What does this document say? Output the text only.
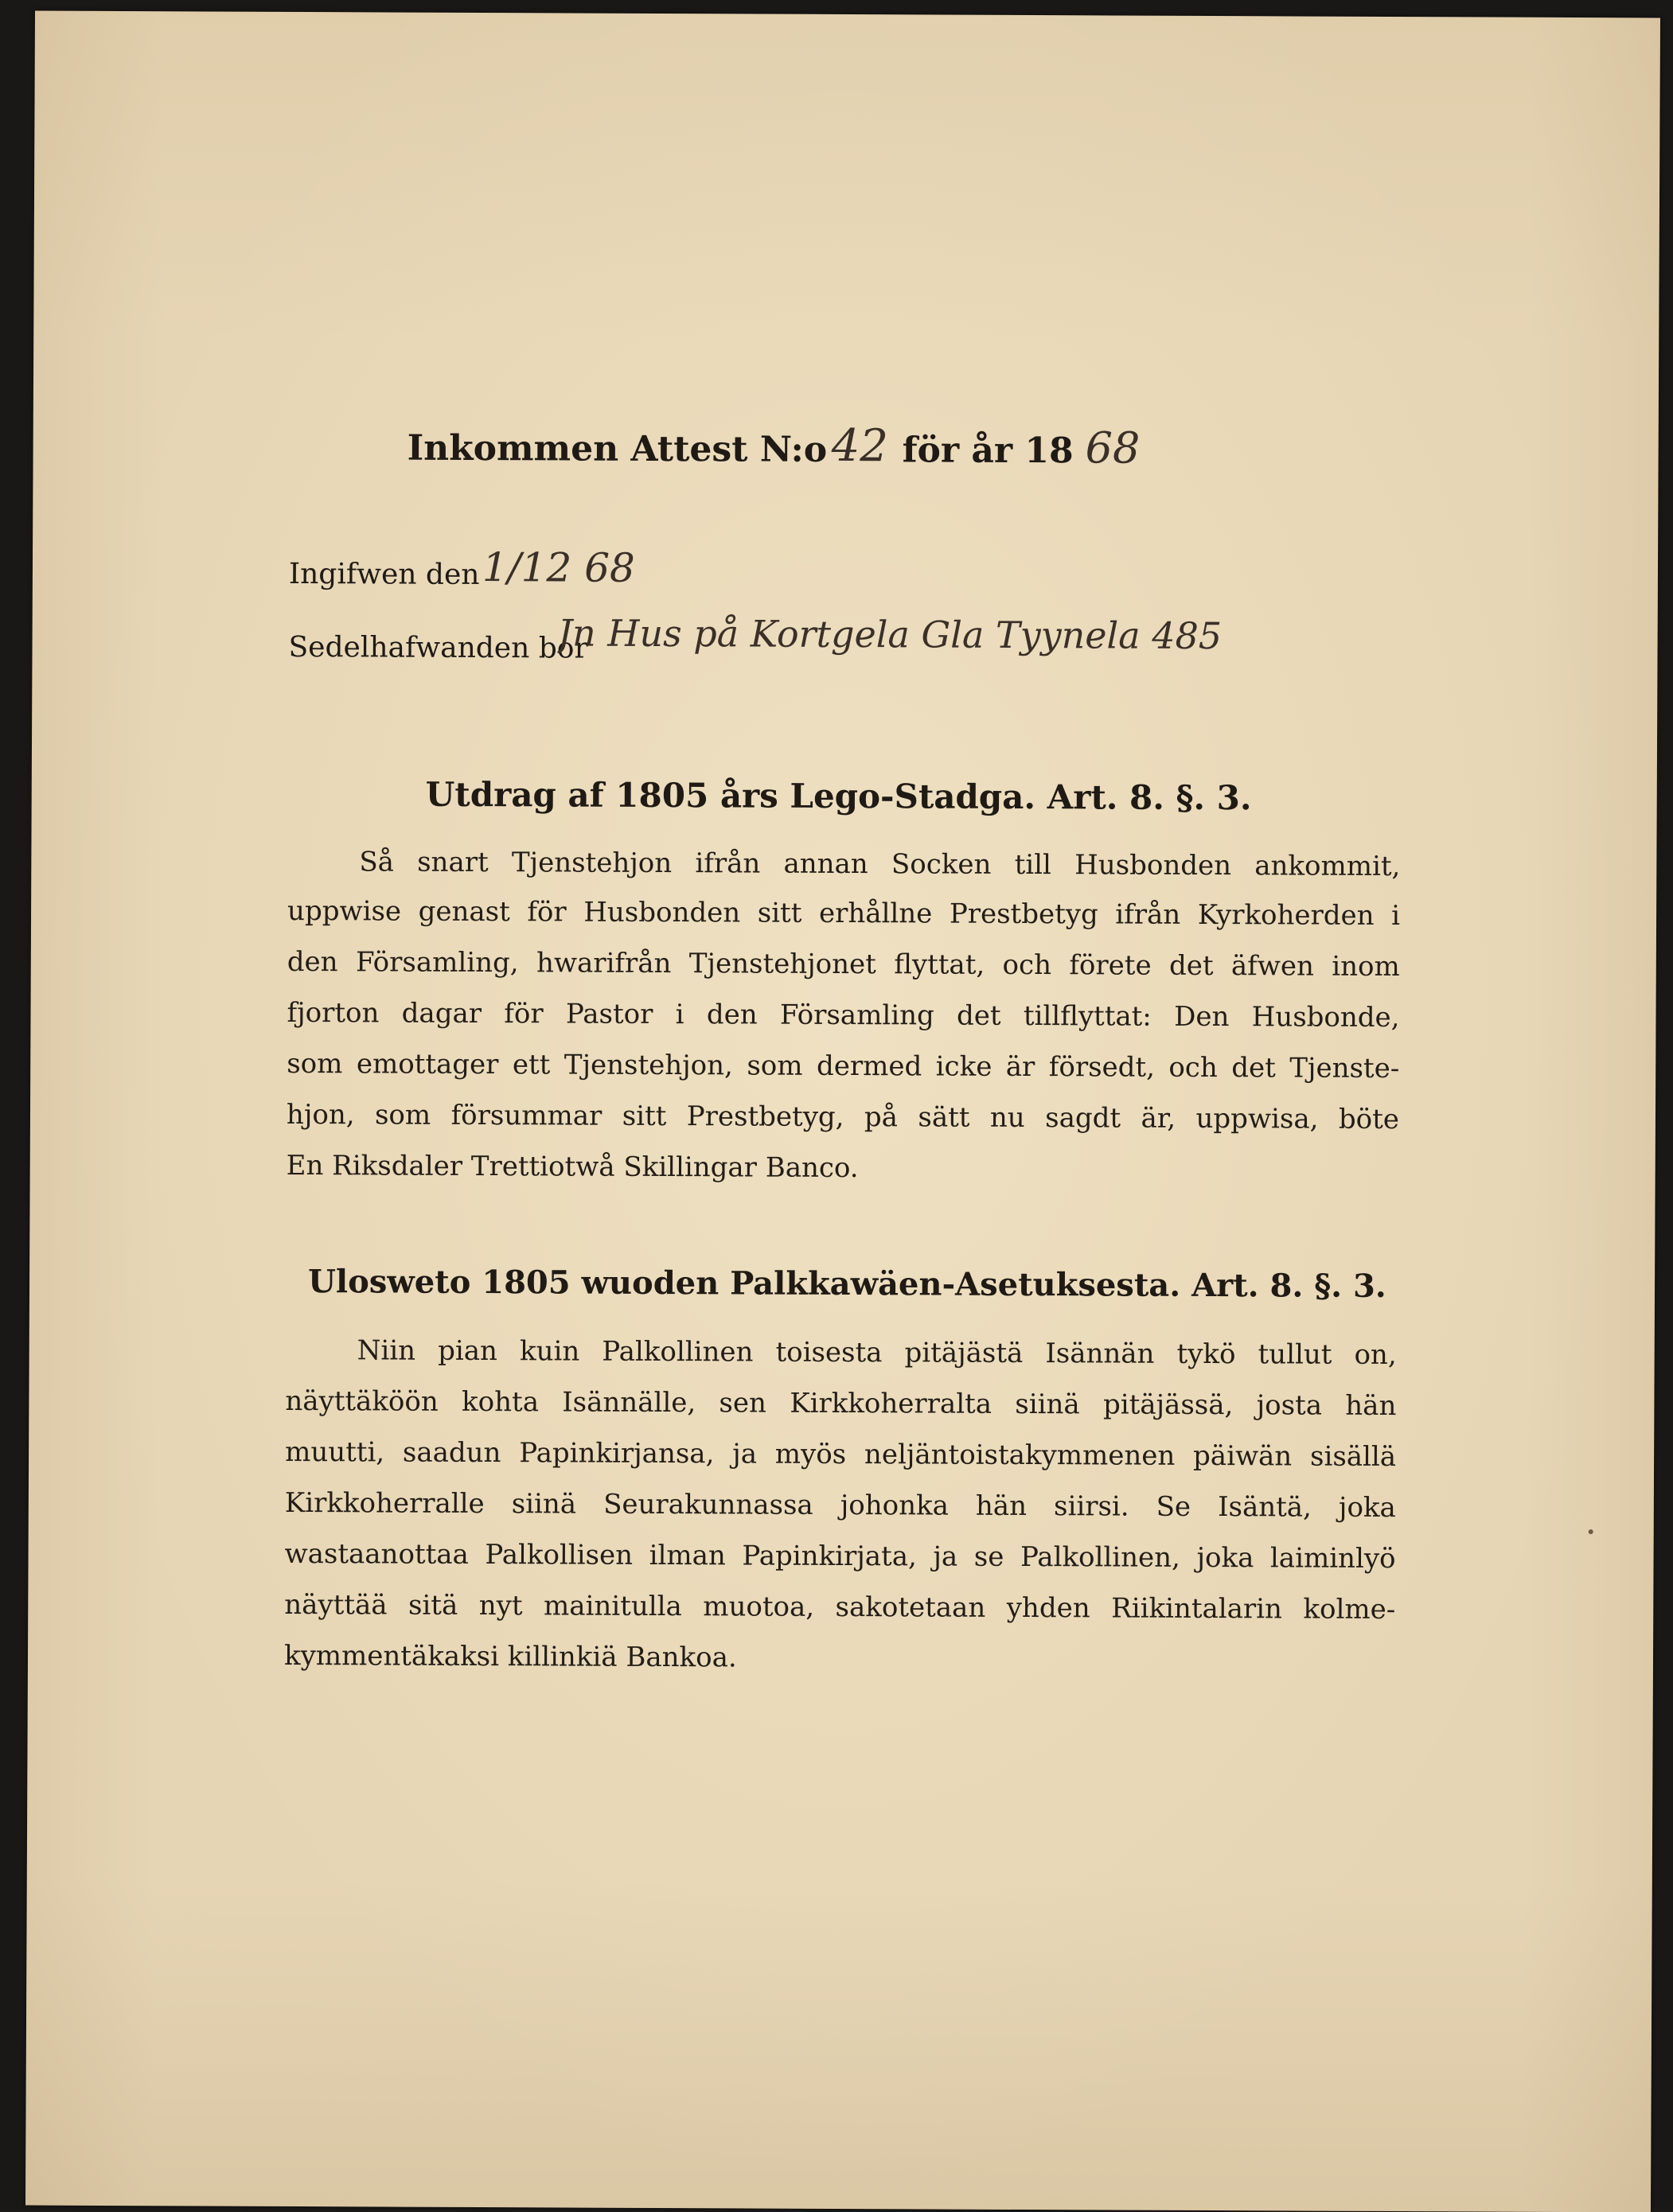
Inkommen Attest N:o 42 för år 18 68
Ingifwen den 1/12 68
Sedelhafwanden bor
Jn Hus på Kortgela Gla Tyynela 485
Utdrag af 1805 års Lego-Stadga. Art. 8. §. 3.
Så snart Tjenstehjon ifrån annan Socken till Husbonden ankommit,
uppwise genast för Husbonden sitt erhållne Prestbetyg ifrån Kyrkoherden i
den Församling, hwarifrån Tjenstehjonet flyttat, och förete det äfwen inom
fjorton dagar för Pastor i den Församling det tillflyttat: Den Husbonde,
som emottager ett Tjenstehjon, som dermed icke är försedt, och det Tjenste-
hjon, som försummar sitt Prestbetyg, på sätt nu sagdt är, uppwisa, böte
En Riksdaler Trettiotwå Skillingar Banco.
Ulosweto 1805 wuoden Palkkawäen-Asetuksesta. Art. 8. §. 3.
Niin pian kuin Palkollinen toisesta pitäjästä Isännän tykö tullut on,
näyttäköön kohta Isännälle, sen Kirkkoherralta siinä pitäjässä, josta hän
muutti, saadun Papinkirjansa, ja myös neljäntoistakymmenen päiwän sisällä
Kirkkoherralle siinä Seurakunnassa johonka hän siirsi. Se Isäntä, joka
wastaanottaa Palkollisen ilman Papinkirjata, ja se Palkollinen, joka laiminlyö
näyttää sitä nyt mainitulla muotoa, sakotetaan yhden Riikintalarin kolme-
kymmentäkaksi killinkiä Bankoa.
